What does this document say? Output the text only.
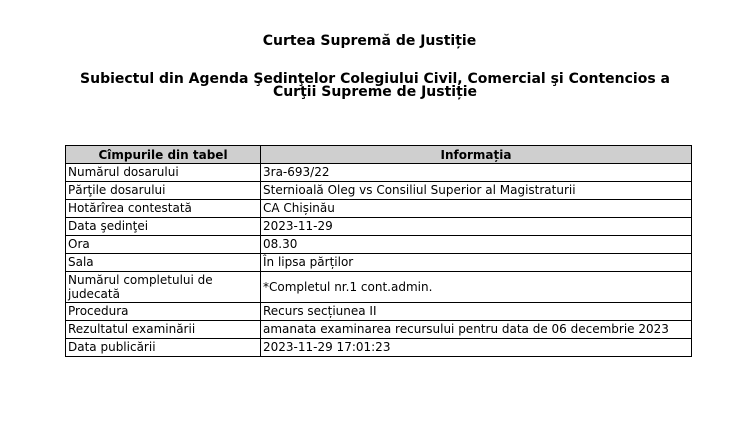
Curtea Supremă de Justiție
Subiectul din Agenda Şedinţelor Colegiului Civil, Comercial şi Contencios a Curţii Supreme de Justiție
Cîmpurile din tabel	Informația
Numărul dosarului	3ra-693/22
Părţile dosarului	Sternioală Oleg vs Consiliul Superior al Magistraturii
Hotărîrea contestată	CA Chișinău
Data şedinţei	2023-11-29
Ora	08.30
Sala	În lipsa părților
Numărul completului de judecată	*Completul nr.1 cont.admin.
Procedura	Recurs secțiunea II
Rezultatul examinării	amanata examinarea recursului pentru data de 06 decembrie 2023
Data publicării	2023-11-29 17:01:23
